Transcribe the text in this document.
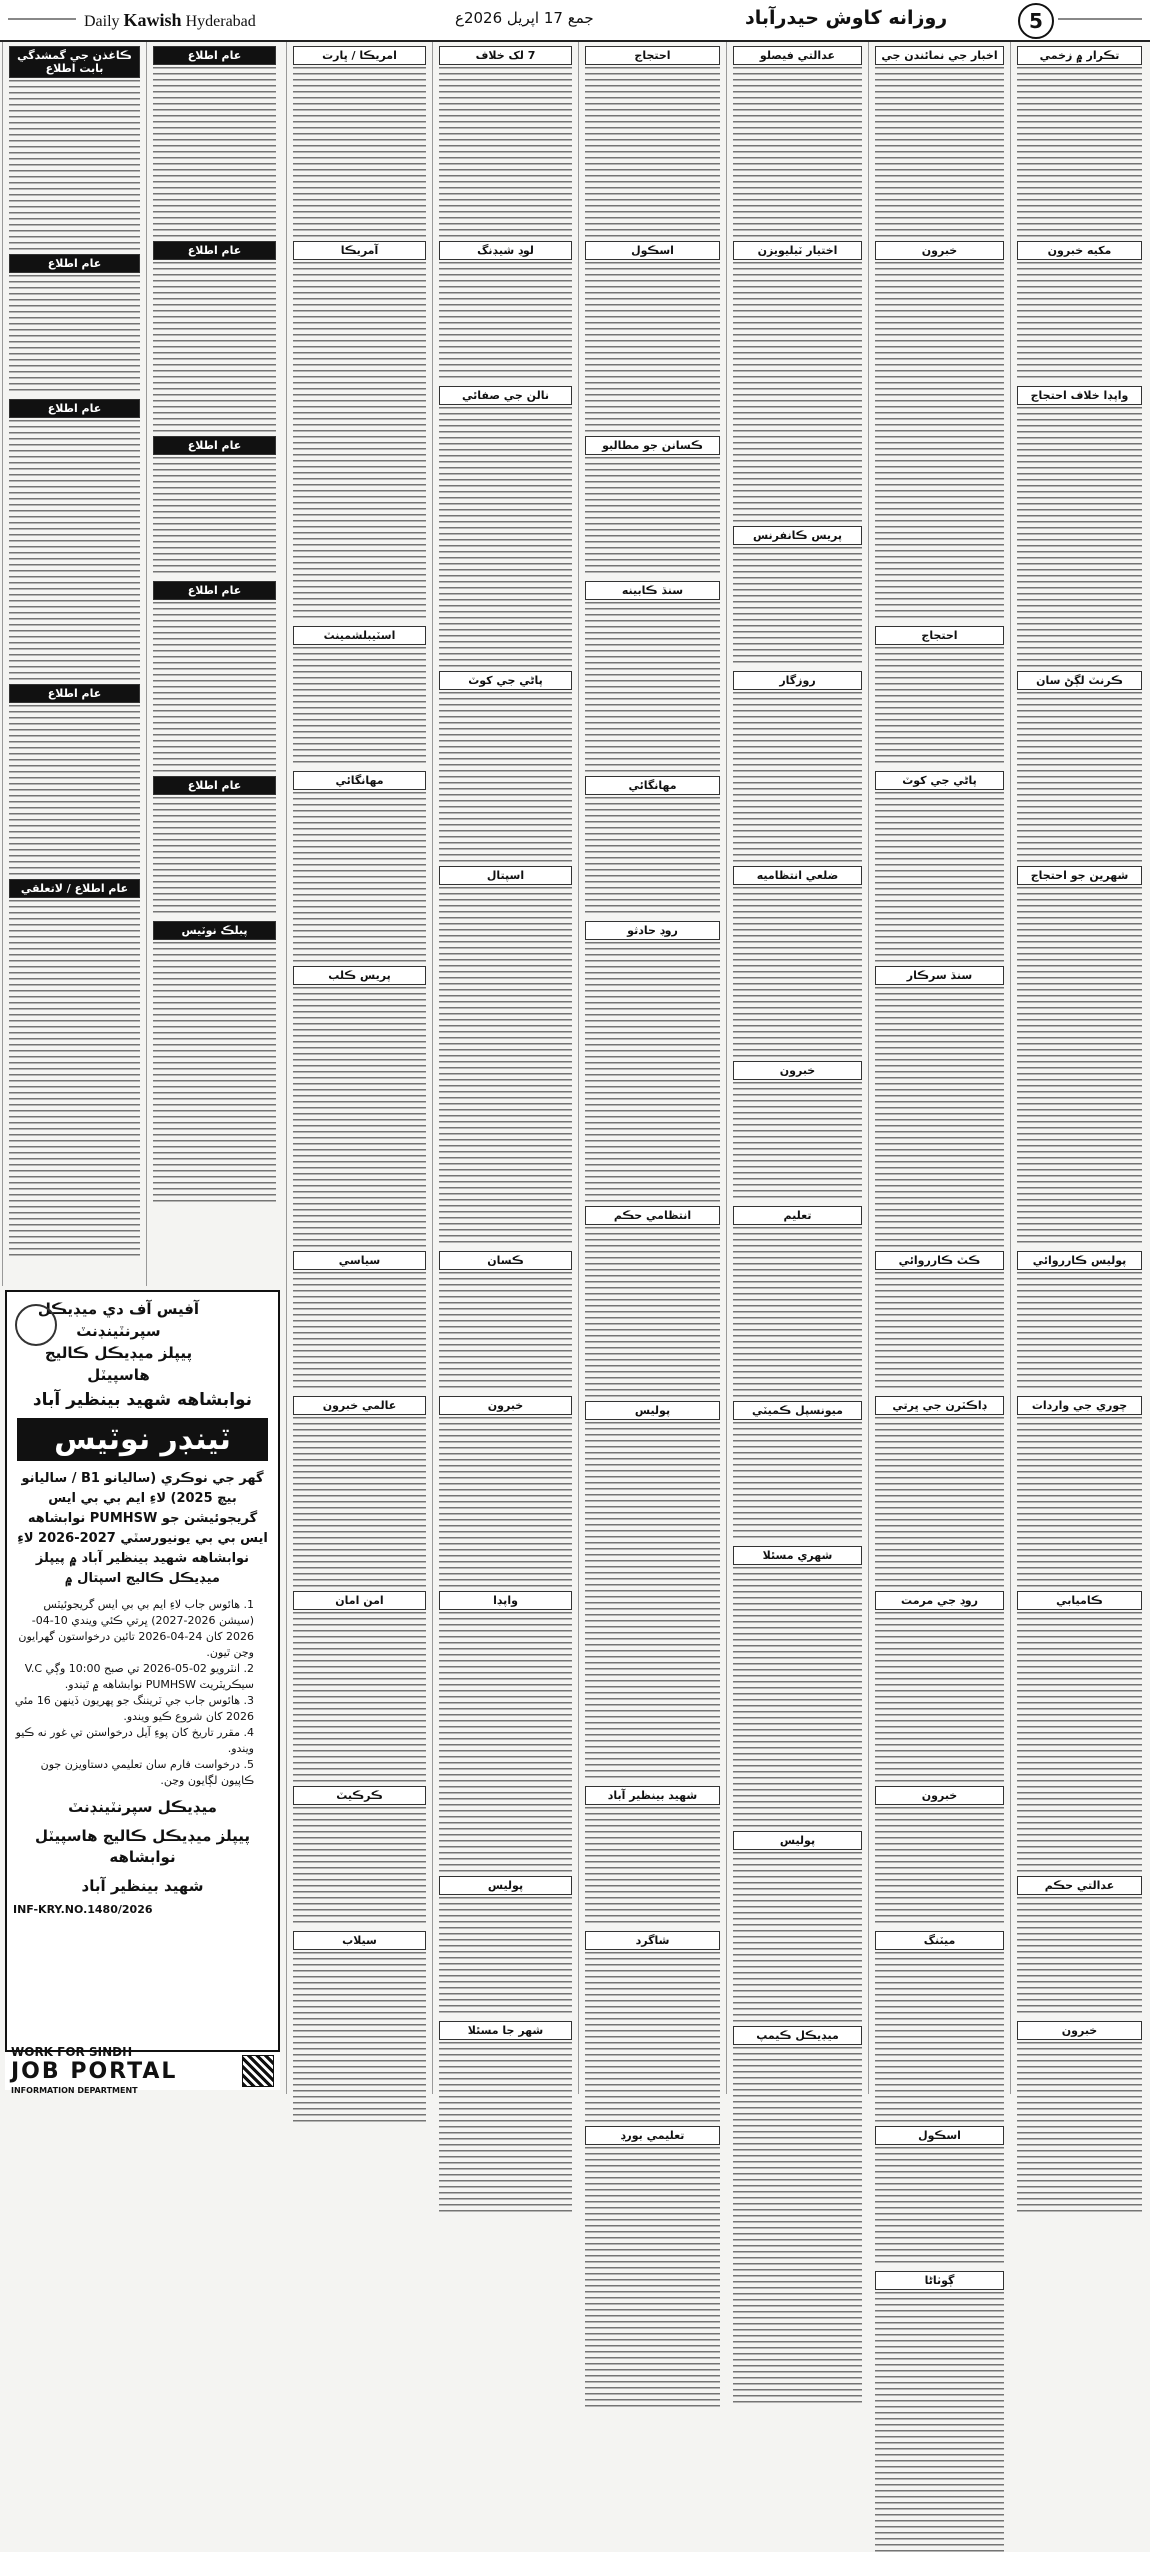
Daily Kawish Hyderabad	جمع 17 اپریل 2026ع	روزانه کاوش حيدرآباد	5
تڪرار ۾ زخمي
مکيه خبرون
واپڊا خلاف احتجاج
ڪرنٽ لڳڻ سان
شهرين جو احتجاج
پوليس ڪارروائي
چوري جي واردات
ڪاميابي
عدالتي حڪم
خبرون
اخبار جي نمائندن جي
خبرون
احتجاج
پاڻي جي کوٽ
سنڌ سرڪار
ڪٽ ڪارروائي
ڊاڪٽرن جي ڀرتي
روڊ جي مرمت
خبرون
ميٽنگ
اسڪول
ڳوٺاڻا
عدالتي فيصلو
اختيار ٽيليويزن
پريس ڪانفرنس
روزگار
ضلعي انتظاميه
خبرون
تعليم
ميونسپل ڪميٽي
شهري مسئلا
پوليس
ميڊيڪل ڪيمپ
احتجاج
اسڪول
ڪسانن جو مطالبو
سنڌ ڪابينه
مهانگائي
روڊ حادثو
انتظامي حڪم
پوليس
شهيد بينظير آباد
شاگرد
تعليمي بورڊ
7 لک خلاف
لوڊ شيڊنگ
نالن جي صفائي
پاڻي جي کوٽ
اسپتال
ڪسان
خبرون
واپڊا
پوليس
شهر جا مسئلا
امريڪا / ڀارت
آمريڪا
اسٽيبلشمينٽ
مهانگائي
پريس ڪلب
سياسي
عالمي خبرون
امن امان
ڪرڪيٽ
سيلاب
عام اطلاع
عام اطلاع
عام اطلاع
عام اطلاع
عام اطلاع
پبلڪ نوٽيس
ڪاغذن جي گمشدگي بابت اطلاع
عام اطلاع
عام اطلاع
عام اطلاع
عام اطلاع / لاتعلقي
آفيس آف دي ميڊيڪل سپرنٽينڊنٽ
پيپلز ميڊيڪل ڪاليج هاسپيٽل
نوابشاهه شهيد بينظير آباد
ٽينڊر نوٽيس
گهر جي نوڪري (ساليانو B1 / ساليانو بيچ 2025) لاءِ ايم بي بي ايس گريجوئيشن جو PUMHSW نوابشاهه ايس بي بي يونيورسٽي 2027-2026 لاءِ نوابشاهه شهيد بينظير آباد ۾ پيپلز ميڊيڪل ڪاليج اسپتال ۾
1. هائوس جاب لاءِ ايم بي بي ايس گريجوئيٽس (سيشن 2026-2027) ڀرتي ڪئي ويندي 10-04-2026 کان 24-04-2026 تائين درخواستون گهرايون وڃن ٿيون.
2. انٽرويو 02-05-2026 تي صبح 10:00 وڳي V.C سيڪريٽريٽ PUMHSW نوابشاهه ۾ ٿيندو.
3. هائوس جاب جي ٽريننگ جو پهريون ڏينهن 16 مئي 2026 کان شروع ڪيو ويندو.
4. مقرر تاريخ کان پوءِ آيل درخواستن تي غور نه ڪيو ويندو.
5. درخواست فارم سان تعليمي دستاويزن جون ڪاپيون لڳايون وڃن.
ميڊيڪل سپرنٽينڊنٽ
پيپلز ميڊيڪل ڪاليج هاسپيٽل نوابشاهه
شهيد بينظير آباد
INF-KRY.NO.1480/2026
WORK FOR SINDH
JOB PORTAL
INFORMATION DEPARTMENT
